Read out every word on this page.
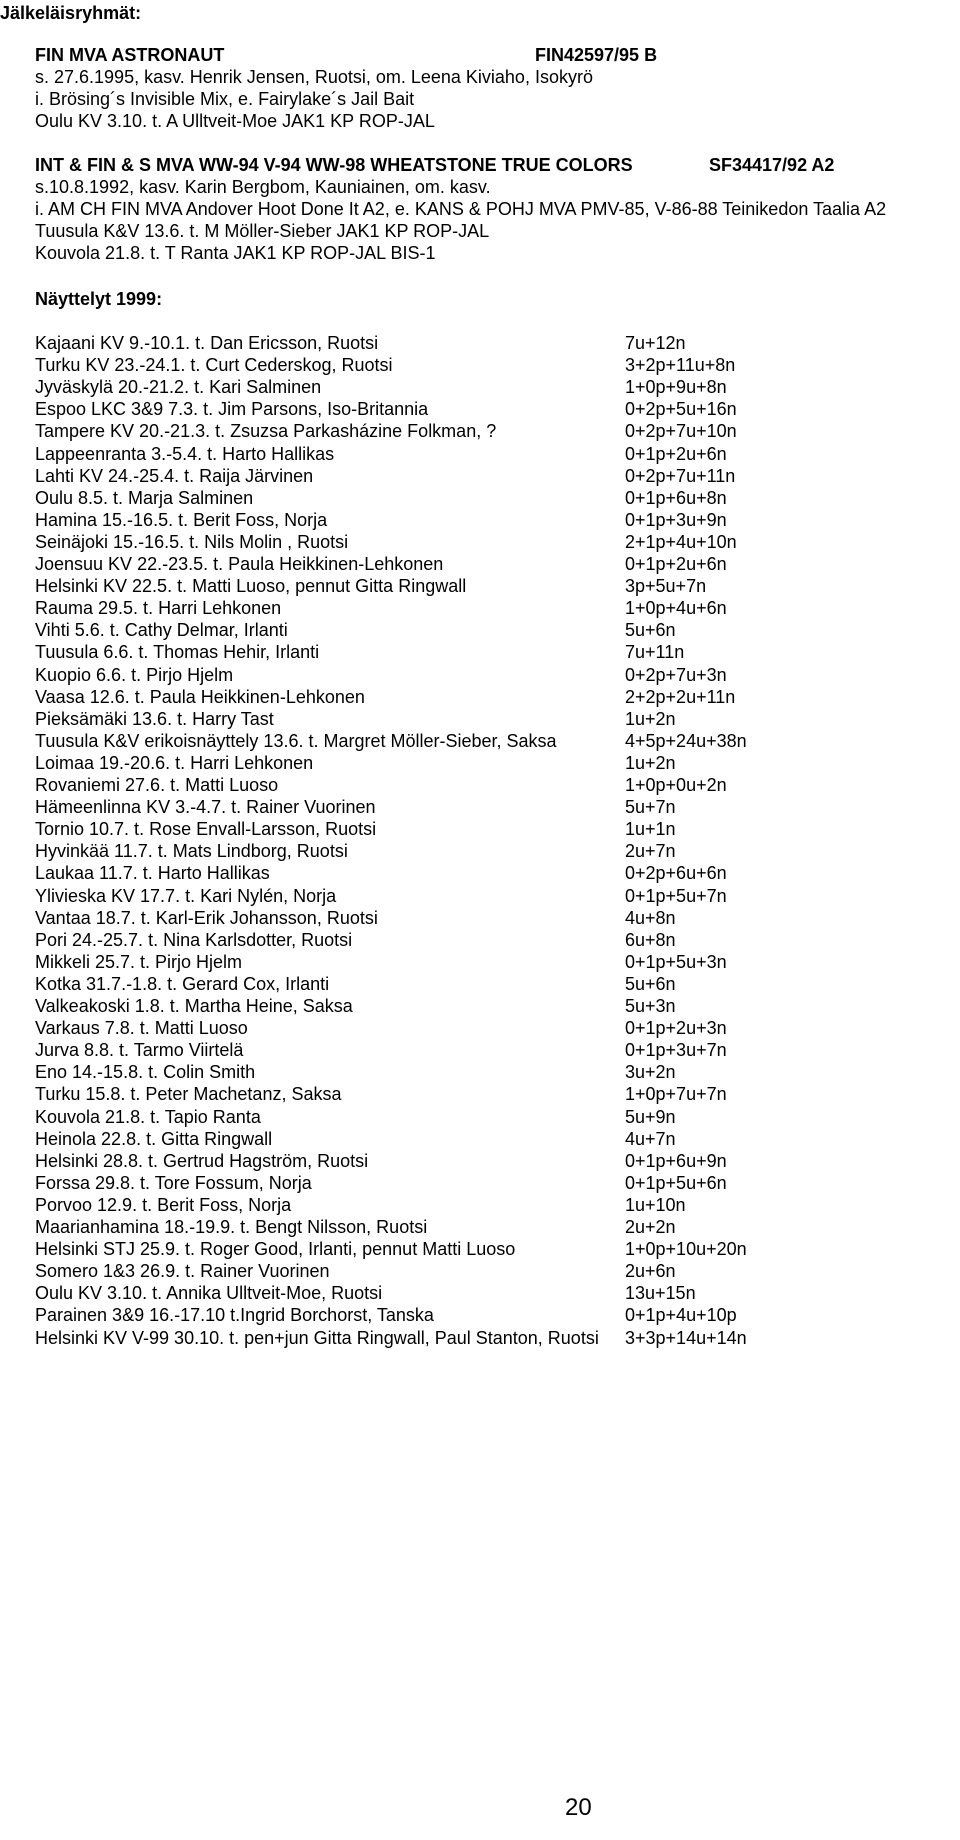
Jälkeläisryhmät:
FIN MVA ASTRONAUT	FIN42597/95 B
s. 27.6.1995, kasv. Henrik Jensen, Ruotsi, om. Leena Kiviaho, Isokyrö
i. Brösing´s Invisible Mix, e. Fairylake´s Jail Bait
Oulu KV 3.10. t. A Ulltveit-Moe JAK1 KP ROP-JAL
INT & FIN & S MVA WW-94 V-94 WW-98 WHEATSTONE TRUE COLORS	SF34417/92 A2
s.10.8.1992, kasv. Karin Bergbom, Kauniainen, om. kasv.
i. AM CH FIN MVA Andover Hoot Done It A2, e. KANS & POHJ MVA PMV-85, V-86-88 Teinikedon Taalia A2
Tuusula K&V 13.6. t. M Möller-Sieber JAK1 KP ROP-JAL
Kouvola 21.8. t. T Ranta JAK1 KP ROP-JAL BIS-1
Näyttelyt 1999:
Kajaani KV 9.-10.1. t. Dan Ericsson, Ruotsi	7u+12n
Turku KV 23.-24.1. t. Curt Cederskog, Ruotsi	3+2p+11u+8n
Jyväskylä 20.-21.2. t. Kari Salminen	1+0p+9u+8n
Espoo LKC 3&9 7.3. t. Jim Parsons, Iso-Britannia	0+2p+5u+16n
Tampere KV 20.-21.3. t. Zsuzsa Parkasházine Folkman, ?	0+2p+7u+10n
Lappeenranta 3.-5.4. t. Harto Hallikas	0+1p+2u+6n
Lahti KV 24.-25.4. t. Raija Järvinen	0+2p+7u+11n
Oulu 8.5. t. Marja Salminen	0+1p+6u+8n
Hamina 15.-16.5. t. Berit Foss, Norja	0+1p+3u+9n
Seinäjoki 15.-16.5. t. Nils Molin , Ruotsi	2+1p+4u+10n
Joensuu KV 22.-23.5. t. Paula Heikkinen-Lehkonen	0+1p+2u+6n
Helsinki KV 22.5. t. Matti Luoso, pennut Gitta Ringwall	3p+5u+7n
Rauma 29.5. t. Harri Lehkonen	1+0p+4u+6n
Vihti 5.6. t. Cathy Delmar, Irlanti	5u+6n
Tuusula 6.6. t. Thomas Hehir, Irlanti	7u+11n
Kuopio 6.6. t. Pirjo Hjelm	0+2p+7u+3n
Vaasa 12.6. t. Paula Heikkinen-Lehkonen	2+2p+2u+11n
Pieksämäki 13.6. t. Harry Tast	1u+2n
Tuusula K&V erikoisnäyttely 13.6. t. Margret Möller-Sieber, Saksa	4+5p+24u+38n
Loimaa 19.-20.6. t. Harri Lehkonen	1u+2n
Rovaniemi 27.6. t. Matti Luoso	1+0p+0u+2n
Hämeenlinna KV 3.-4.7. t. Rainer Vuorinen	5u+7n
Tornio 10.7. t. Rose Envall-Larsson, Ruotsi	1u+1n
Hyvinkää 11.7. t. Mats Lindborg, Ruotsi	2u+7n
Laukaa 11.7. t. Harto Hallikas	0+2p+6u+6n
Ylivieska KV 17.7. t. Kari Nylén, Norja	0+1p+5u+7n
Vantaa 18.7. t. Karl-Erik Johansson, Ruotsi	4u+8n
Pori 24.-25.7. t. Nina Karlsdotter, Ruotsi	6u+8n
Mikkeli 25.7. t. Pirjo Hjelm	0+1p+5u+3n
Kotka 31.7.-1.8. t. Gerard Cox, Irlanti	5u+6n
Valkeakoski 1.8. t. Martha Heine, Saksa	5u+3n
Varkaus 7.8. t. Matti Luoso	0+1p+2u+3n
Jurva 8.8. t. Tarmo Viirtelä	0+1p+3u+7n
Eno 14.-15.8. t. Colin Smith	3u+2n
Turku 15.8. t. Peter Machetanz, Saksa	1+0p+7u+7n
Kouvola 21.8. t. Tapio Ranta	5u+9n
Heinola 22.8. t. Gitta Ringwall	4u+7n
Helsinki 28.8. t. Gertrud Hagström, Ruotsi	0+1p+6u+9n
Forssa 29.8. t. Tore Fossum, Norja	0+1p+5u+6n
Porvoo 12.9. t. Berit Foss, Norja	1u+10n
Maarianhamina 18.-19.9. t. Bengt Nilsson, Ruotsi	2u+2n
Helsinki STJ 25.9. t. Roger Good, Irlanti, pennut Matti Luoso	1+0p+10u+20n
Somero 1&3 26.9. t. Rainer Vuorinen	2u+6n
Oulu KV 3.10. t. Annika Ulltveit-Moe, Ruotsi	13u+15n
Parainen 3&9 16.-17.10 t.Ingrid Borchorst, Tanska	0+1p+4u+10p
Helsinki KV V-99 30.10. t. pen+jun Gitta Ringwall, Paul Stanton, Ruotsi 3+3p+14u+14n
20
